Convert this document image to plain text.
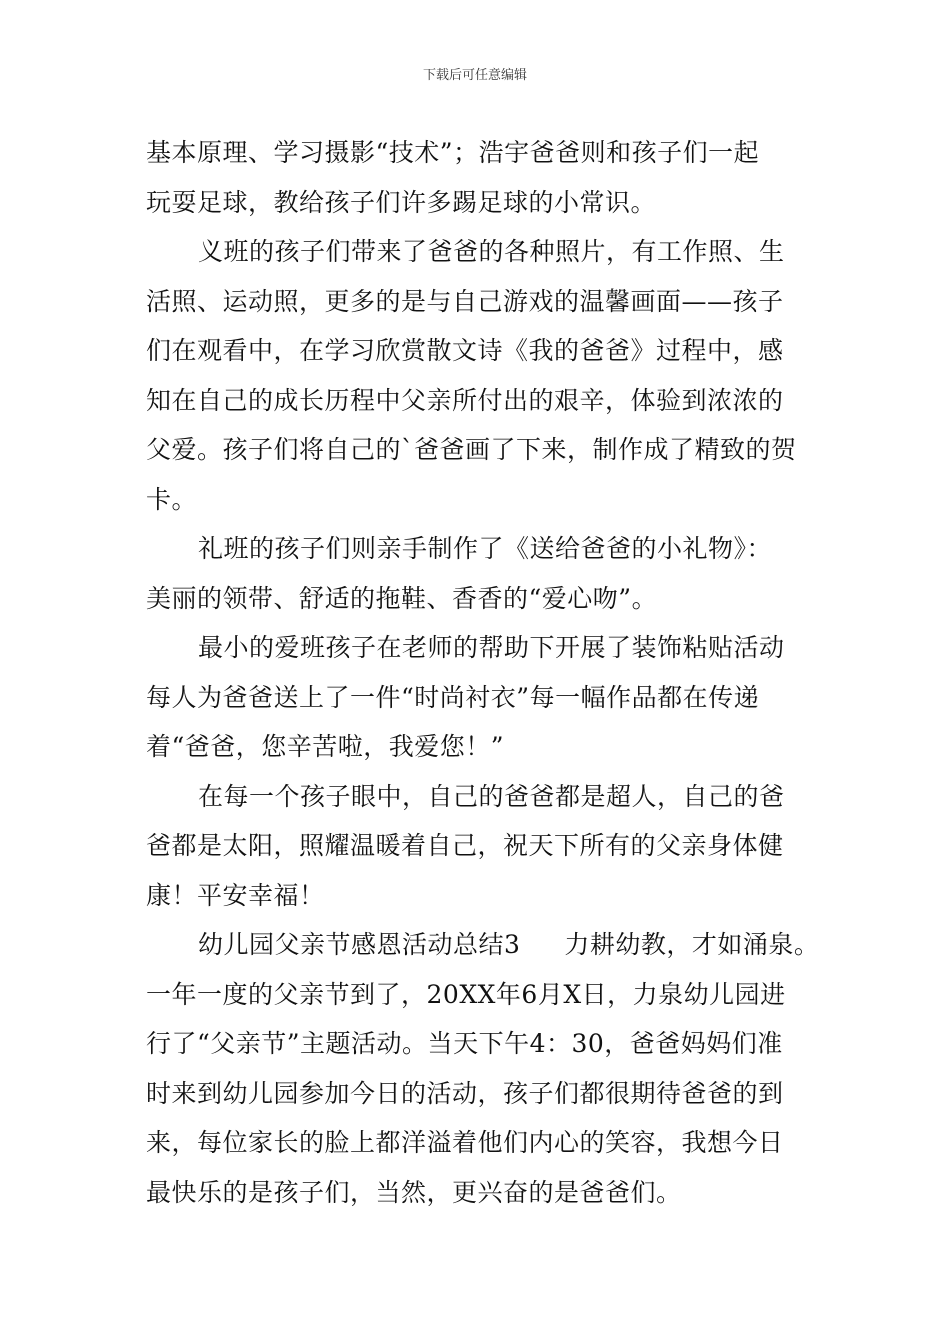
下载后可任意编辑
基本原理、学习摄影“技术”；浩宇爸爸则和孩子们一起
玩耍足球，教给孩子们许多踢足球的小常识。
义班的孩子们带来了爸爸的各种照片，有工作照、生
活照、运动照，更多的是与自己游戏的温馨画面——孩子
们在观看中，在学习欣赏散文诗《我的爸爸》过程中，感
知在自己的成长历程中父亲所付出的艰辛，体验到浓浓的
父爱。孩子们将自己的`爸爸画了下来，制作成了精致的贺
卡。
礼班的孩子们则亲手制作了《送给爸爸的小礼物》：
美丽的领带、舒适的拖鞋、香香的“爱心吻”。
最小的爱班孩子在老师的帮助下开展了装饰粘贴活动
每人为爸爸送上了一件“时尚衬衣”每一幅作品都在传递
着“爸爸，您辛苦啦，我爱您！”
在每一个孩子眼中，自己的爸爸都是超人，自己的爸
爸都是太阳，照耀温暖着自己，祝天下所有的父亲身体健
康！平安幸福！
幼儿园父亲节感恩活动总结3 力耕幼教，才如涌泉。
一年一度的父亲节到了，20XX年6月X日，力泉幼儿园进
行了“父亲节”主题活动。当天下午4：30，爸爸妈妈们准
时来到幼儿园参加今日的活动，孩子们都很期待爸爸的到
来，每位家长的脸上都洋溢着他们内心的笑容，我想今日
最快乐的是孩子们，当然，更兴奋的是爸爸们。
